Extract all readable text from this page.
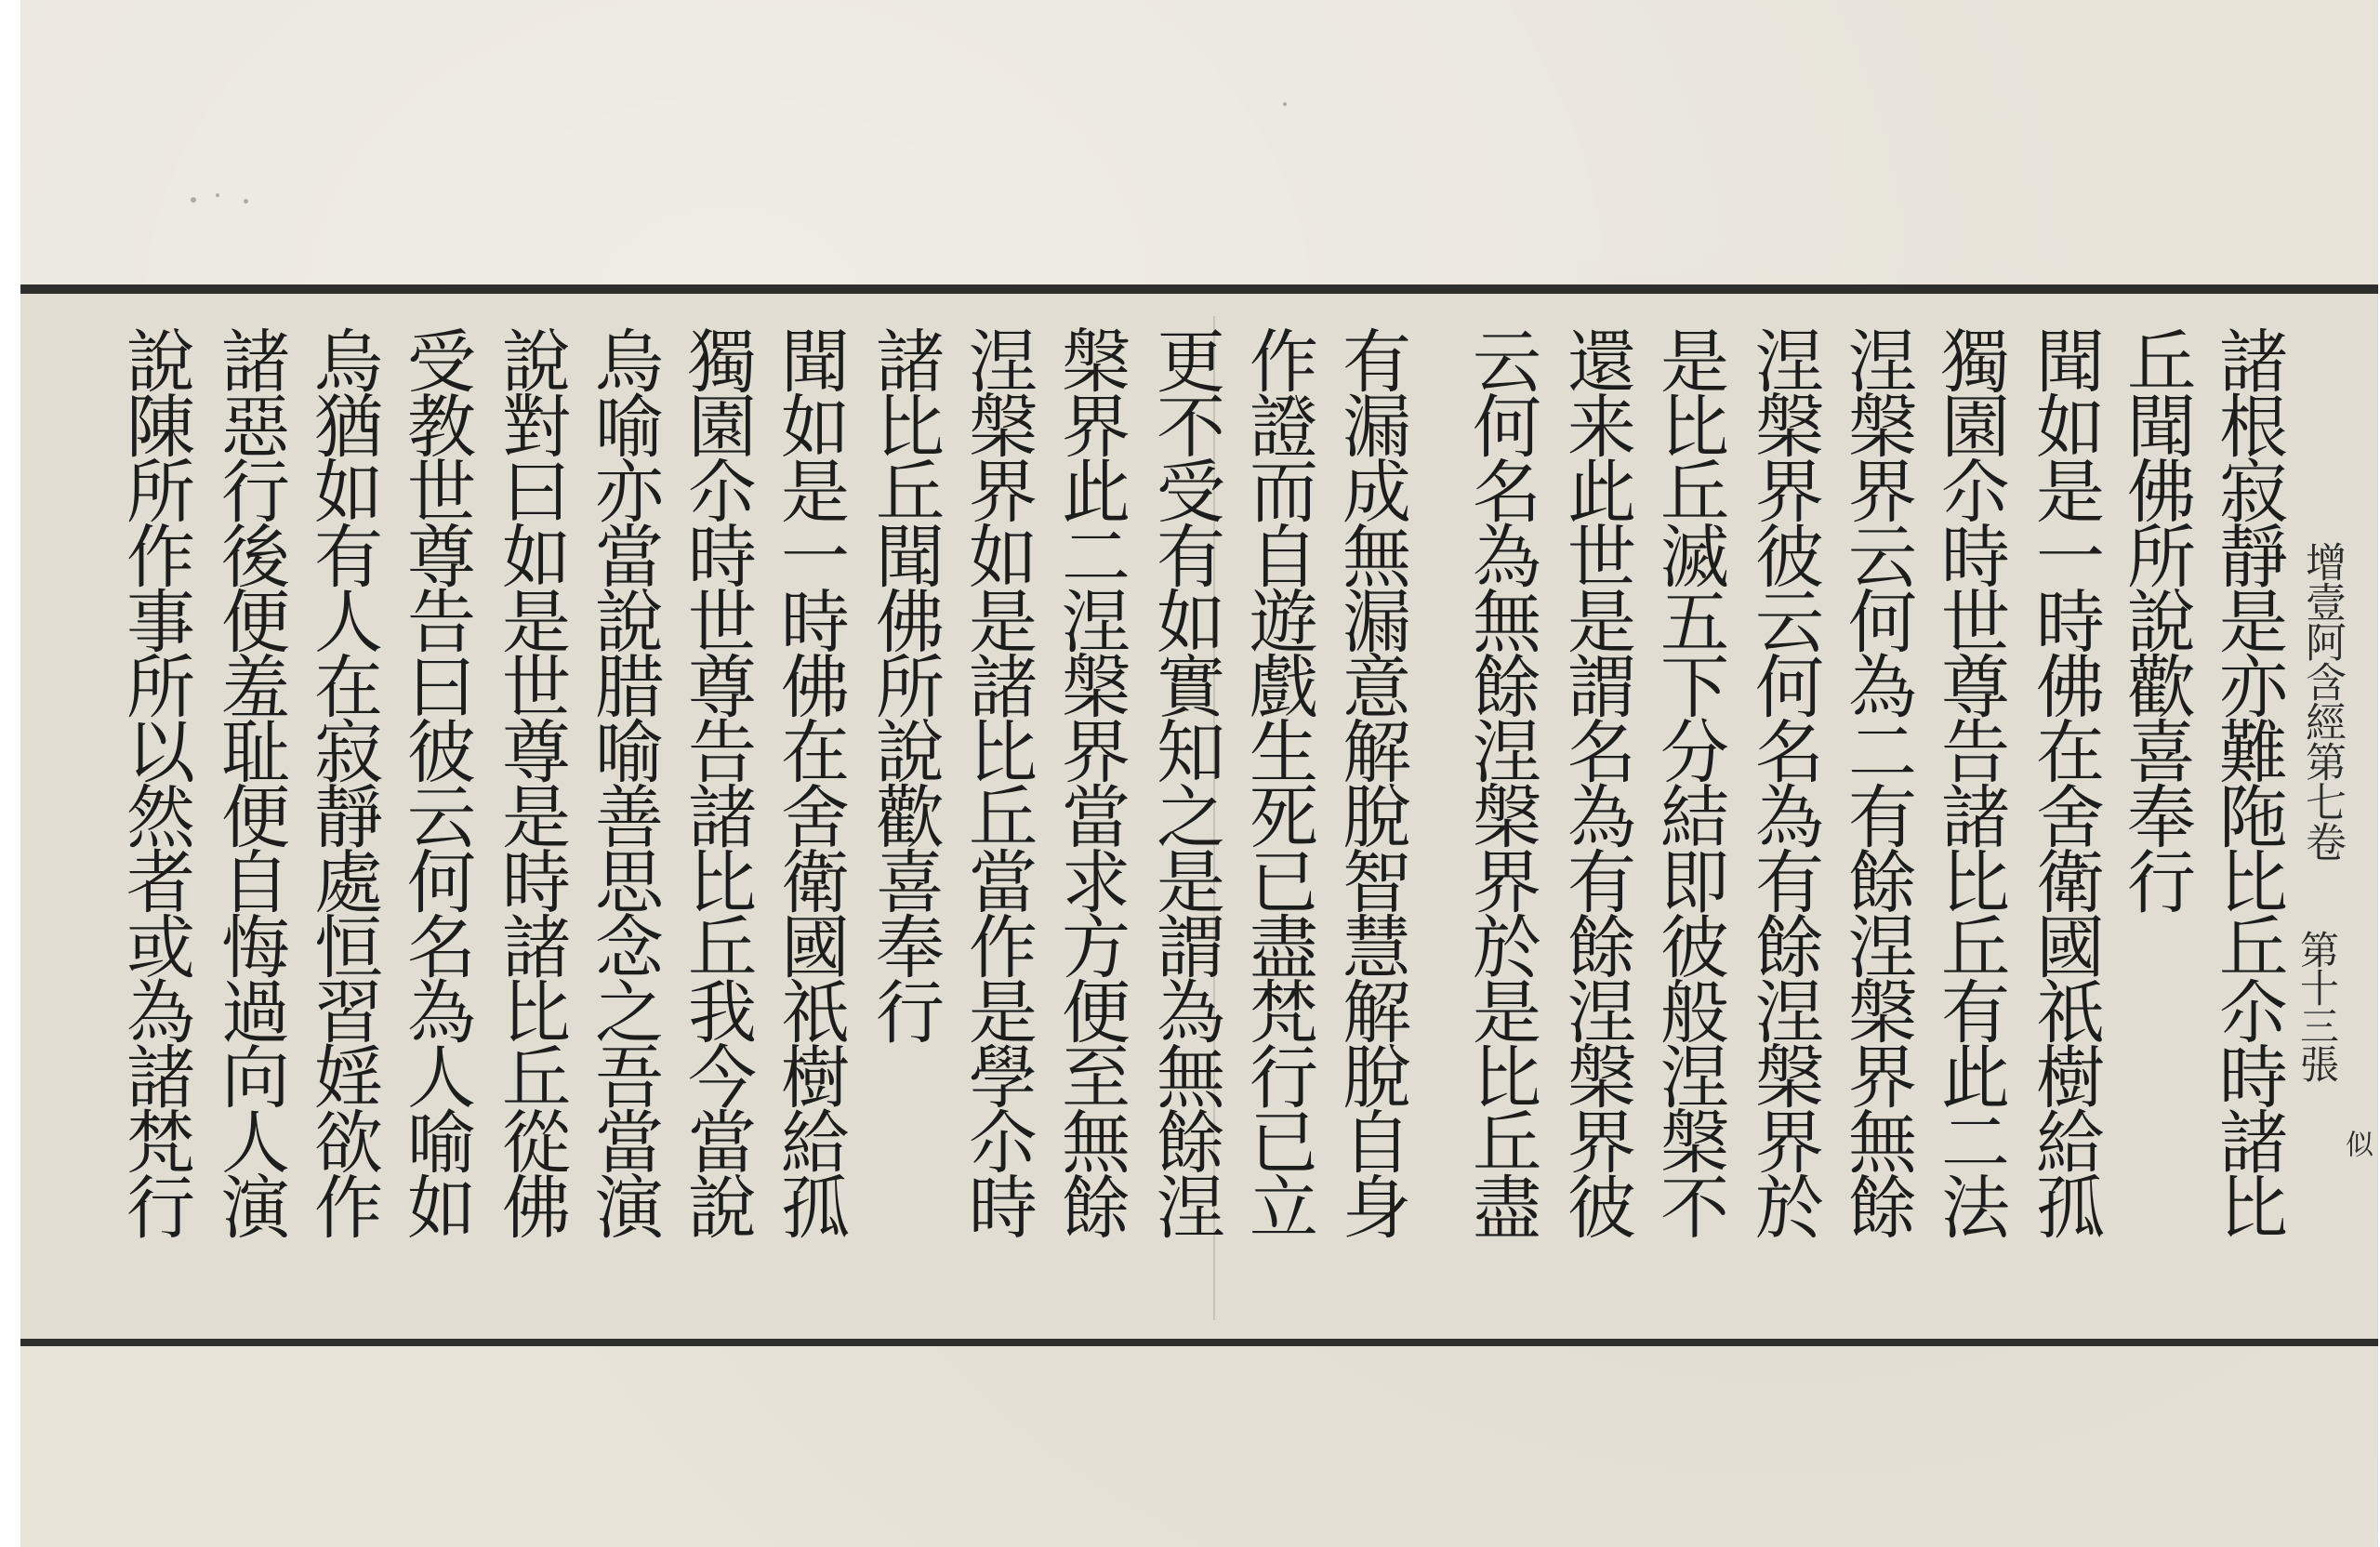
增壹阿含經第七卷
第十三張
似
諸根寂靜是亦難陁比丘尒時諸比
丘聞佛所說歡喜奉行
聞如是一時佛在舍衛國祇樹給孤
獨園尒時世尊告諸比丘有此二法
涅槃界云何為二有餘涅槃界無餘
涅槃界彼云何名為有餘涅槃界於
是比丘滅五下分結即彼般涅槃不
還来此世是謂名為有餘涅槃界彼
云何名為無餘涅槃界於是比丘盡
有漏成無漏意解脫智慧解脫自身
作證而自遊戲生死已盡梵行已立
更不受有如實知之是謂為無餘涅
槃界此二涅槃界當求方便至無餘
涅槃界如是諸比丘當作是學尒時
諸比丘聞佛所說歡喜奉行
聞如是一時佛在舍衛國祇樹給孤
獨園尒時世尊告諸比丘我今當說
烏喻亦當說腊喻善思念之吾當演
說對曰如是世尊是時諸比丘從佛
受教世尊告曰彼云何名為人喻如
烏猶如有人在寂靜處恒習婬欲作
諸惡行後便羞耻便自悔過向人演
說陳所作事所以然者或為諸梵行
